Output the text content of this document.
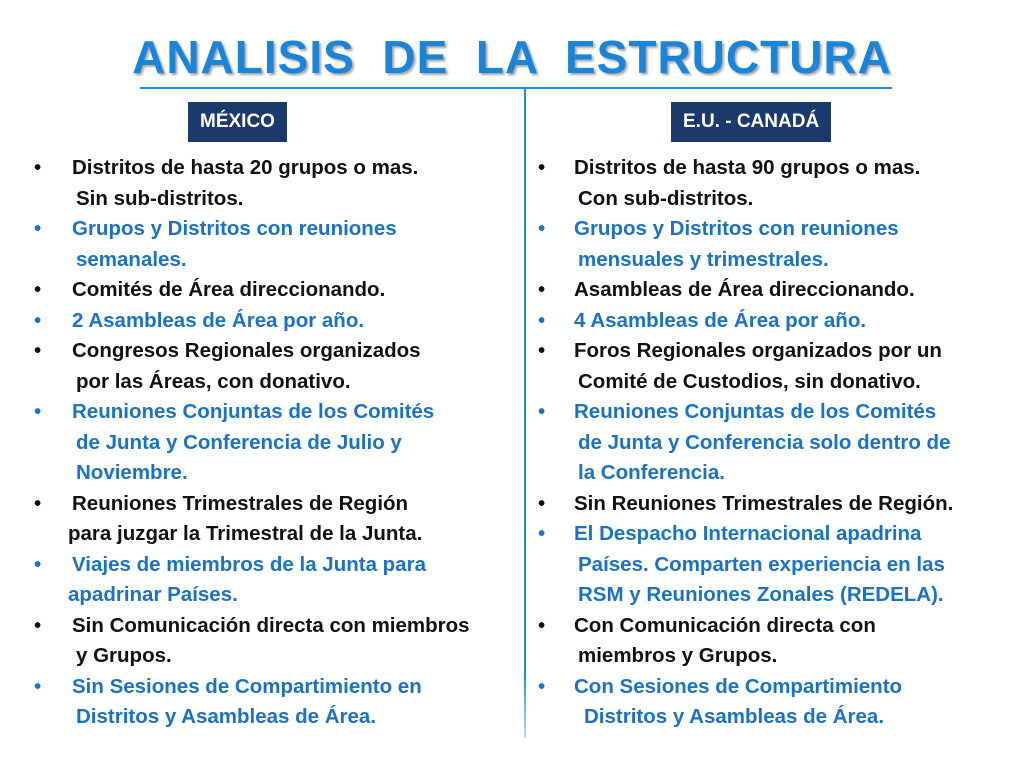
ANALISIS  DE  LA  ESTRUCTURA
MÉXICO	E.U. - CANADÁ
• Distritos de hasta 20 grupos o mas.
Sin sub-distritos.
• Grupos y Distritos con reuniones
semanales.
• Comités de Área direccionando.
• 2 Asambleas de Área por año.
• Congresos Regionales organizados
por las Áreas, con donativo.
• Reuniones Conjuntas de los Comités
de Junta y Conferencia de Julio y
Noviembre.
• Reuniones Trimestrales de Región
para juzgar la Trimestral de la Junta.
• Viajes de miembros de la Junta para
apadrinar Países.
• Sin Comunicación directa con miembros
y Grupos.
• Sin Sesiones de Compartimiento en
Distritos y Asambleas de Área.
• Distritos de hasta 90 grupos o mas.
Con sub-distritos.
• Grupos y Distritos con reuniones
mensuales y trimestrales.
• Asambleas de Área direccionando.
• 4 Asambleas de Área por año.
• Foros Regionales organizados por un
Comité de Custodios, sin donativo.
• Reuniones Conjuntas de los Comités
de Junta y Conferencia solo dentro de
la Conferencia.
• Sin Reuniones Trimestrales de Región.
• El Despacho Internacional apadrina
Países. Comparten experiencia en las
RSM y Reuniones Zonales (REDELA).
• Con Comunicación directa con
miembros y Grupos.
• Con Sesiones de Compartimiento
Distritos y Asambleas de Área.
